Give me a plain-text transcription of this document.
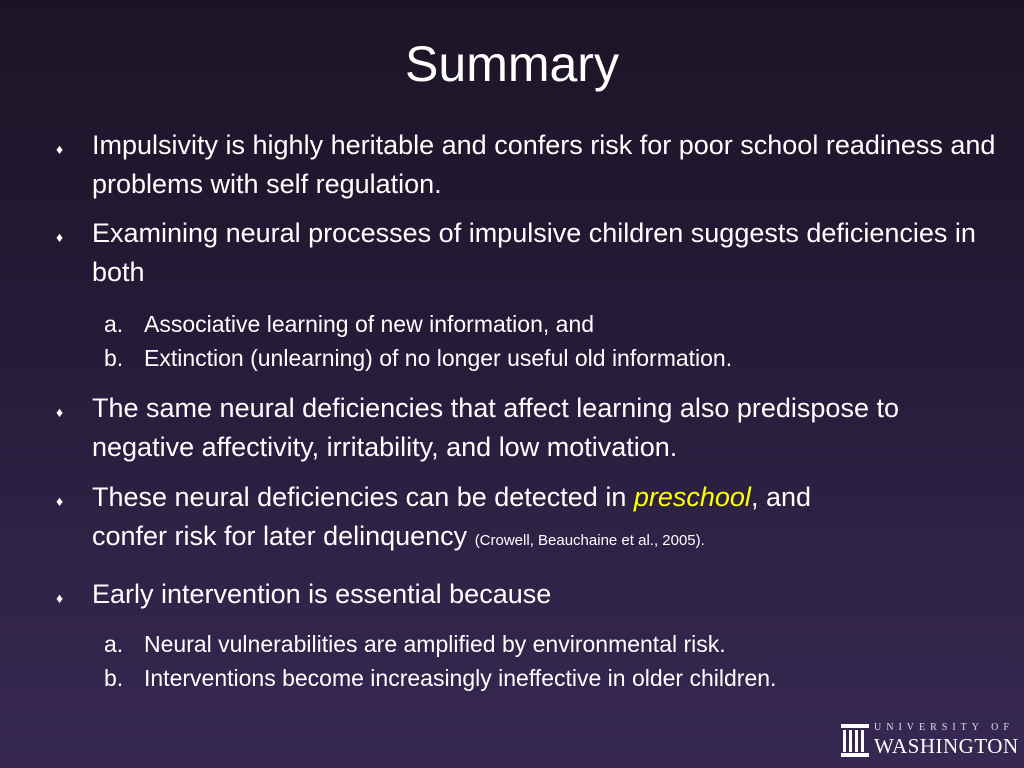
Summary
♦ Impulsivity is highly heritable and confers risk for poor school readiness and problems with self regulation.
♦ Examining neural processes of impulsive children suggests deficiencies in both
a. Associative learning of new information, and
b. Extinction (unlearning) of no longer useful old information.
♦ The same neural deficiencies that affect learning also predispose to negative affectivity, irritability, and low motivation.
♦ These neural deficiencies can be detected in preschool, and
confer risk for later delinquency (Crowell, Beauchaine et al., 2005).
♦ Early intervention is essential because
a. Neural vulnerabilities are amplified by environmental risk.
b. Interventions become increasingly ineffective in older children.
UNIVERSITY OF
WASHINGTON
